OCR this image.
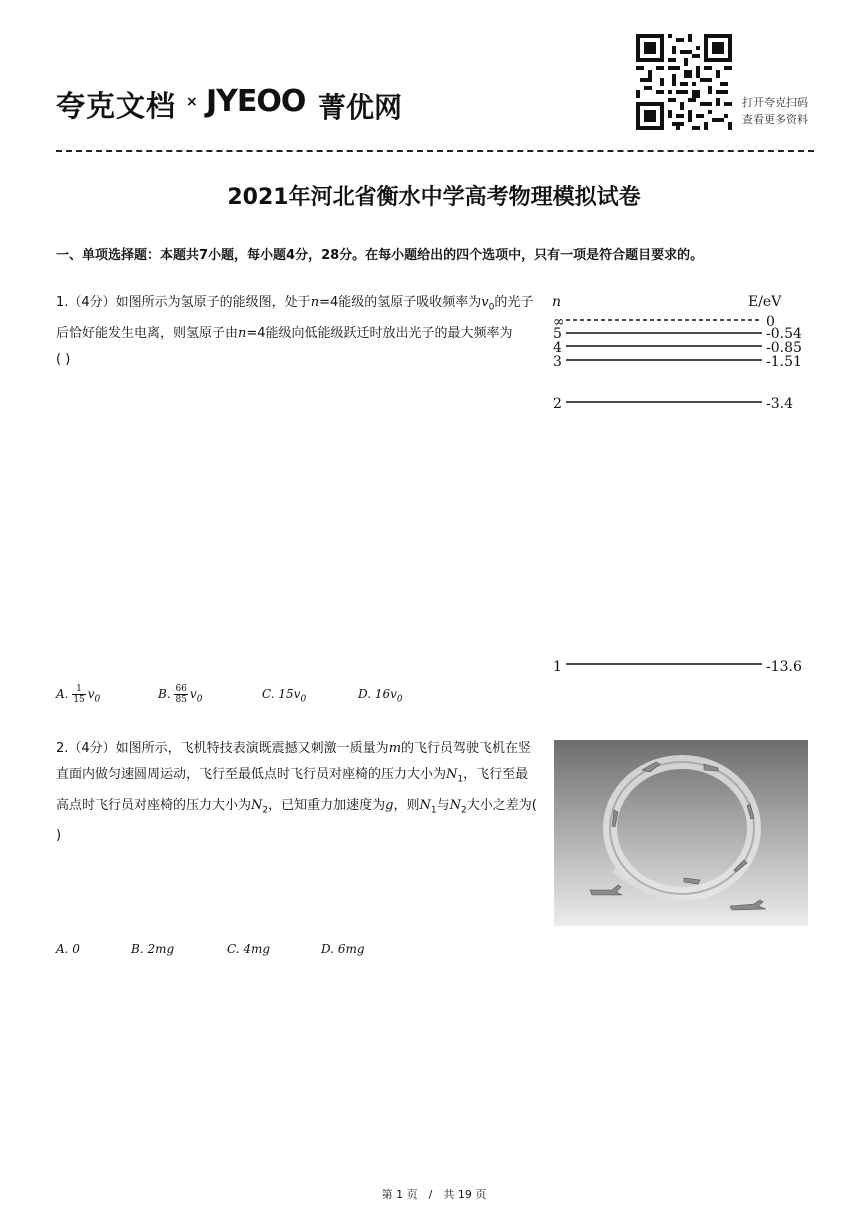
夸克文档 × JYEOO 菁优网	打开夸克扫码
查看更多资料
2021年河北省衡水中学高考物理模拟试卷
一、单项选择题：本题共7小题，每小题4分，28分。在每小题给出的四个选项中，只有一项是符合题目要求的。
1.（4分）如图所示为氢原子的能级图，处于n=4能级的氢原子吸收频率为$v_0$的光子后恰好能发生电离，则氢原子由n=4能级向低能级跃迁时放出光子的最大频率为
( )
n	E/eV
∞	0
5	-0.54
4	-0.85
3	-1.51
2	-3.4
1	-13.6
A. $\frac{1}{15} v_0$	B. $\frac{66}{85} v_0$	C. $15v_0$	D. $16v_0$
2.（4分）如图所示，飞机特技表演既震撼又刺激一质量为m的飞行员驾驶飞机在竖直面内做匀速圆周运动，飞行至最低点时飞行员对座椅的压力大小为$N_1$，飞行至最高点时飞行员对座椅的压力大小为$N_2$，已知重力加速度为g，则$N_1$与$N_2$大小之差为( )
A. 0	B. 2mg	C. 4mg	D. 6mg
第 1 页　/　共 19 页
